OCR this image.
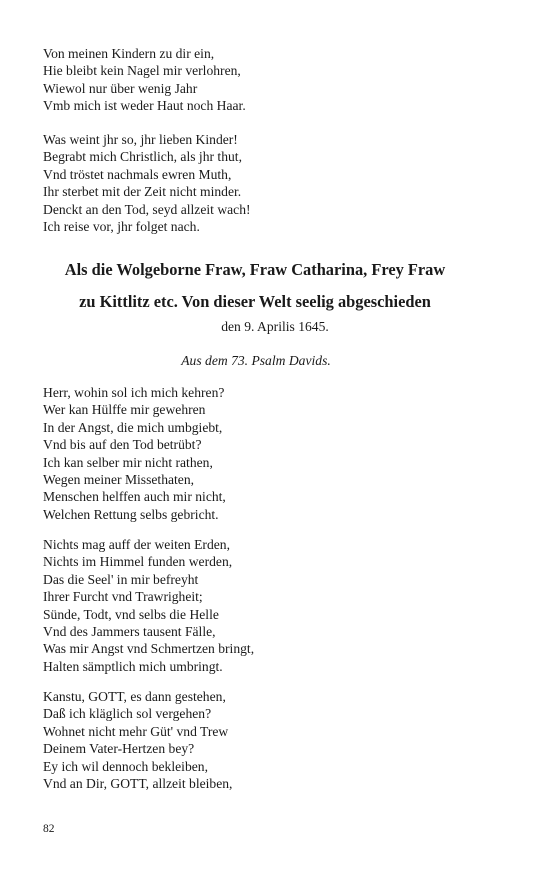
Von meinen Kindern zu dir ein,
Hie bleibt kein Nagel mir verlohren,
Wiewol nur über wenig Jahr
Vmb mich ist weder Haut noch Haar.
Was weint jhr so, jhr lieben Kinder!
Begrabt mich Christlich, als jhr thut,
Vnd tröstet nachmals ewren Muth,
Ihr sterbet mit der Zeit nicht minder.
Denckt an den Tod, seyd allzeit wach!
Ich reise vor, jhr folget nach.
Als die Wolgeborne Fraw, Fraw Catharina, Frey Fraw
zu Kittlitz etc. Von dieser Welt seelig abgeschieden
den 9. Aprilis 1645.
Aus dem 73. Psalm Davids.
Herr, wohin sol ich mich kehren?
Wer kan Hülffe mir gewehren
In der Angst, die mich umbgiebt,
Vnd bis auf den Tod betrübt?
Ich kan selber mir nicht rathen,
Wegen meiner Missethaten,
Menschen helffen auch mir nicht,
Welchen Rettung selbs gebricht.
Nichts mag auff der weiten Erden,
Nichts im Himmel funden werden,
Das die Seel' in mir befreyht
Ihrer Furcht vnd Trawrigheit;
Sünde, Todt, vnd selbs die Helle
Vnd des Jammers tausent Fälle,
Was mir Angst vnd Schmertzen bringt,
Halten sämptlich mich umbringt.
Kanstu, GOTT, es dann gestehen,
Daß ich kläglich sol vergehen?
Wohnet nicht mehr Güt' vnd Trew
Deinem Vater-Hertzen bey?
Ey ich wil dennoch bekleiben,
Vnd an Dir, GOTT, allzeit bleiben,
82
